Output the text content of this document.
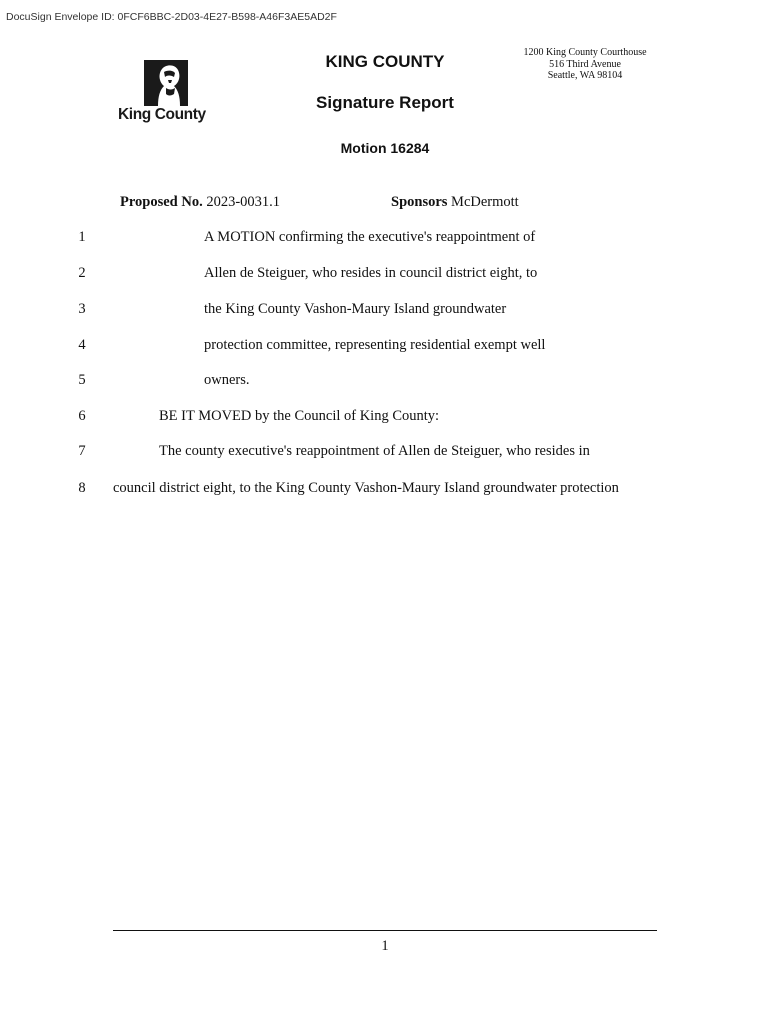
DocuSign Envelope ID: 0FCF6BBC-2D03-4E27-B598-A46F3AE5AD2F
King County
KING COUNTY
Signature Report
Motion 16284
1200 King County Courthouse
516 Third Avenue
Seattle, WA 98104
Proposed No. 2023-0031.1	Sponsors McDermott
1	A MOTION confirming the executive's reappointment of
2	Allen de Steiguer, who resides in council district eight, to
3	the King County Vashon-Maury Island groundwater
4	protection committee, representing residential exempt well
5	owners.
6	BE IT MOVED by the Council of King County:
7	The county executive's reappointment of Allen de Steiguer, who resides in
8	council district eight, to the King County Vashon-Maury Island groundwater protection
1
